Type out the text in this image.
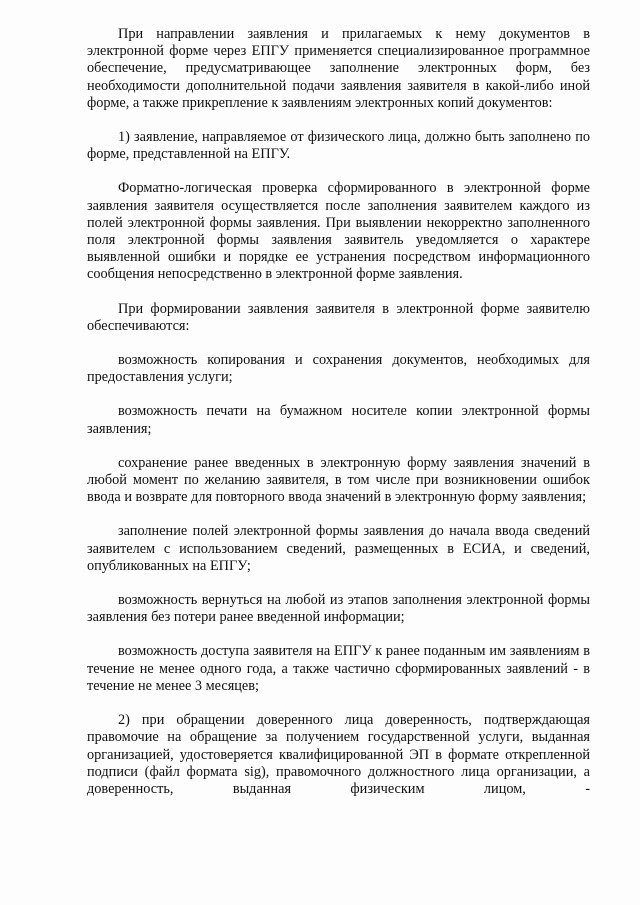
При направлении заявления и прилагаемых к нему документов в электронной форме через ЕПГУ применяется специализированное программное обеспечение, предусматривающее заполнение электронных форм, без необходимости дополнительной подачи заявления заявителя в какой-либо иной форме, а также прикрепление к заявлениям электронных копий документов:

1) заявление, направляемое от физического лица, должно быть заполнено по форме, представленной на ЕПГУ.

Форматно-логическая проверка сформированного в электронной форме заявления заявителя осуществляется после заполнения заявителем каждого из полей электронной формы заявления. При выявлении некорректно заполненного поля электронной формы заявления заявитель уведомляется о характере выявленной ошибки и порядке ее устранения посредством информационного сообщения непосредственно в электронной форме заявления.

При формировании заявления заявителя в электронной форме заявителю обеспечиваются:

возможность копирования и сохранения документов, необходимых для предоставления услуги;

возможность печати на бумажном носителе копии электронной формы заявления;

сохранение ранее введенных в электронную форму заявления значений в любой момент по желанию заявителя, в том числе при возникновении ошибок ввода и возврате для повторного ввода значений в электронную форму заявления;

заполнение полей электронной формы заявления до начала ввода сведений заявителем с использованием сведений, размещенных в ЕСИА, и сведений, опубликованных на ЕПГУ;

возможность вернуться на любой из этапов заполнения электронной формы заявления без потери ранее введенной информации;

возможность доступа заявителя на ЕПГУ к ранее поданным им заявлениям в течение не менее одного года, а также частично сформированных заявлений - в течение не менее 3 месяцев;

2) при обращении доверенного лица доверенность, подтверждающая правомочие на обращение за получением государственной услуги, выданная организацией, удостоверяется квалифицированной ЭП в формате открепленной подписи (файл формата sig), правомочного должностного лица организации, а доверенность, выданная физическим лицом, -
